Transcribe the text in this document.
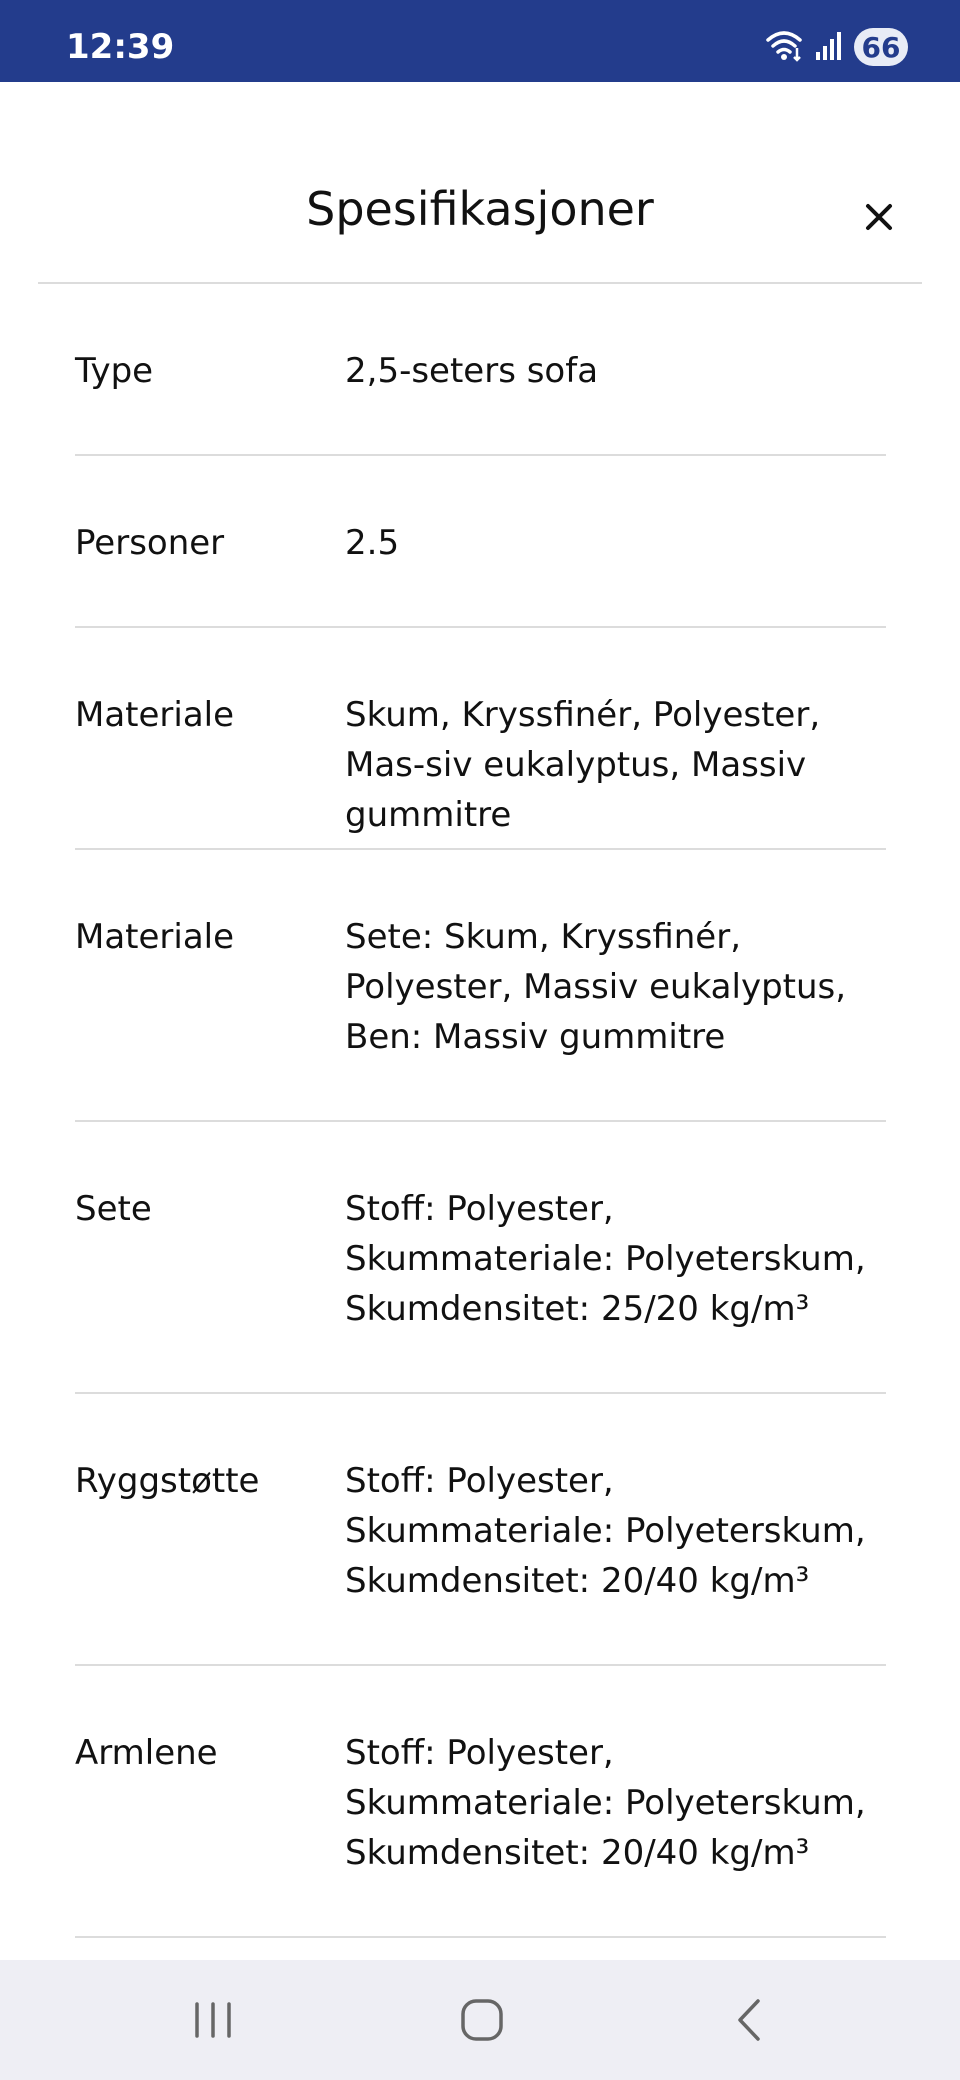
12:39	66
Spesifikasjoner
Type	2,5-seters sofa
Personer	2.5
Materiale	Skum, Kryssfinér, Polyester, Mas-siv eukalyptus, Massiv gummitre
Materiale	Sete: Skum, Kryssfinér, Polyester, Massiv eukalyptus, Ben: Massiv gummitre
Sete	Stoff: Polyester, Skummateriale: Polyeterskum, Skumdensitet: 25/20 kg/m³
Ryggstøtte	Stoff: Polyester, Skummateriale: Polyeterskum, Skumdensitet: 20/40 kg/m³
Armlene	Stoff: Polyester, Skummateriale: Polyeterskum, Skumdensitet: 20/40 kg/m³
